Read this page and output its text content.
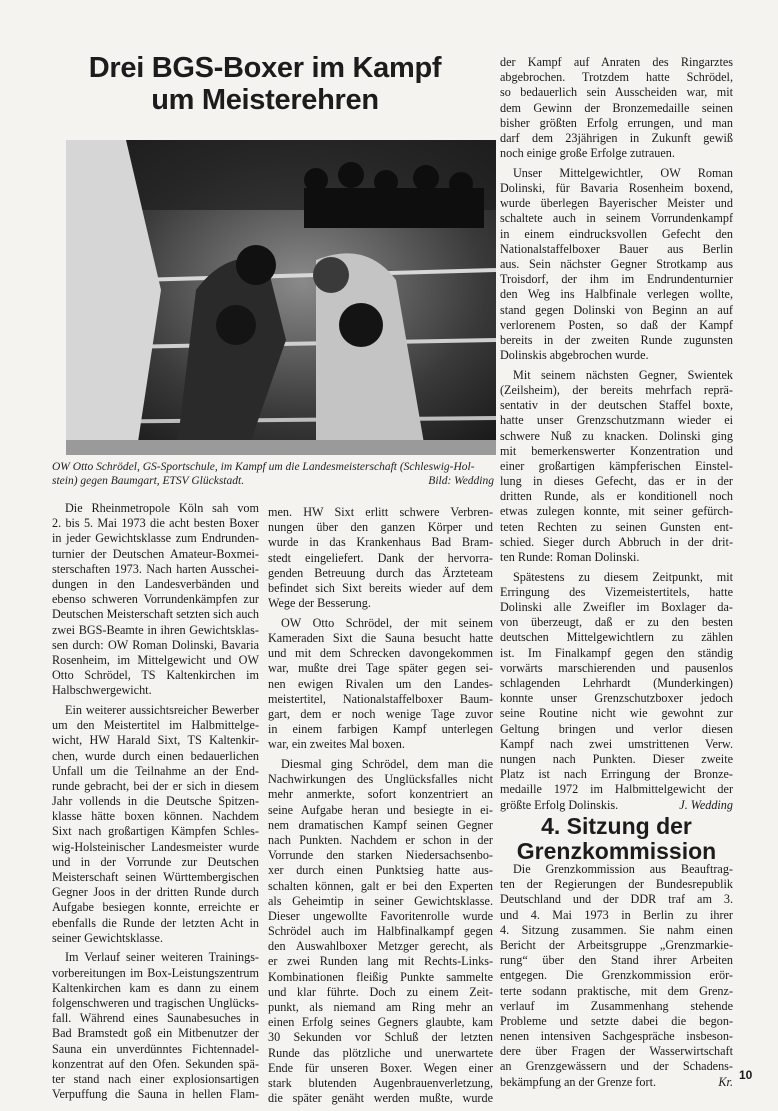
Drei BGS-Boxer im Kampf
um Meisterehren
OW Otto Schrödel, GS-Sportschule, im Kampf um die Landesmeisterschaft (Schleswig-Hol-
stein) gegen Baumgart, ETSV Glückstadt.	Bild: Wedding
Die Rheinmetropole Köln sah vom
2. bis 5. Mai 1973 die acht besten Boxer
in jeder Gewichtsklasse zum Endrunden-
turnier der Deutschen Amateur-Boxmei-
sterschaften 1973. Nach harten Ausschei-
dungen in den Landesverbänden und
ebenso schweren Vorrundenkämpfen zur
Deutschen Meisterschaft setzten sich auch
zwei BGS-Beamte in ihren Gewichtsklas-
sen durch: OW Roman Dolinski, Bavaria
Rosenheim, im Mittelgewicht und OW
Otto Schrödel, TS Kaltenkirchen im
Halbschwergewicht.
Ein weiterer aussichtsreicher Bewerber
um den Meistertitel im Halbmittelge-
wicht, HW Harald Sixt, TS Kaltenkir-
chen, wurde durch einen bedauerlichen
Unfall um die Teilnahme an der End-
runde gebracht, bei der er sich in diesem
Jahr vollends in die Deutsche Spitzen-
klasse hätte boxen können. Nachdem
Sixt nach großartigen Kämpfen Schles-
wig-Holsteinischer Landesmeister wurde
und in der Vorrunde zur Deutschen
Meisterschaft seinen Württembergischen
Gegner Joos in der dritten Runde durch
Aufgabe besiegen konnte, erreichte er
ebenfalls die Runde der letzten Acht in
seiner Gewichtsklasse.
Im Verlauf seiner weiteren Trainings-
vorbereitungen im Box-Leistungszentrum
Kaltenkirchen kam es dann zu einem
folgenschweren und tragischen Unglücks-
fall. Während eines Saunabesuches in
Bad Bramstedt goß ein Mitbenutzer der
Sauna ein unverdünntes Fichtennadel-
konzentrat auf den Ofen. Sekunden spä-
ter stand nach einer explosionsartigen
Verpuffung die Sauna in hellen Flam-
men. HW Sixt erlitt schwere Verbren-
nungen über den ganzen Körper und
wurde in das Krankenhaus Bad Bram-
stedt eingeliefert. Dank der hervorra-
genden Betreuung durch das Ärzteteam
befindet sich Sixt bereits wieder auf dem
Wege der Besserung.
OW Otto Schrödel, der mit seinem
Kameraden Sixt die Sauna besucht hatte
und mit dem Schrecken davongekommen
war, mußte drei Tage später gegen sei-
nen ewigen Rivalen um den Landes-
meistertitel, Nationalstaffelboxer Baum-
gart, dem er noch wenige Tage zuvor
in einem farbigen Kampf unterlegen
war, ein zweites Mal boxen.
Diesmal ging Schrödel, dem man die
Nachwirkungen des Unglücksfalles nicht
mehr anmerkte, sofort konzentriert an
seine Aufgabe heran und besiegte in ei-
nem dramatischen Kampf seinen Gegner
nach Punkten. Nachdem er schon in der
Vorrunde den starken Niedersachsenbo-
xer durch einen Punktsieg hatte aus-
schalten können, galt er bei den Experten
als Geheimtip in seiner Gewichtsklasse.
Dieser ungewollte Favoritenrolle wurde
Schrödel auch im Halbfinalkampf gegen
den Auswahlboxer Metzger gerecht, als
er zwei Runden lang mit Rechts-Links-
Kombinationen fleißig Punkte sammelte
und klar führte. Doch zu einem Zeit-
punkt, als niemand am Ring mehr an
einen Erfolg seines Gegners glaubte, kam
30 Sekunden vor Schluß der letzten
Runde das plötzliche und unerwartete
Ende für unseren Boxer. Wegen einer
stark blutenden Augenbrauenverletzung,
die später genäht werden mußte, wurde
der Kampf auf Anraten des Ringarztes
abgebrochen. Trotzdem hatte Schrödel,
so bedauerlich sein Ausscheiden war, mit
dem Gewinn der Bronzemedaille seinen
bisher größten Erfolg errungen, und man
darf dem 23jährigen in Zukunft gewiß
noch einige große Erfolge zutrauen.
Unser Mittelgewichtler, OW Roman
Dolinski, für Bavaria Rosenheim boxend,
wurde überlegen Bayerischer Meister und
schaltete auch in seinem Vorrundenkampf
in einem eindrucksvollen Gefecht den
Nationalstaffelboxer Bauer aus Berlin
aus. Sein nächster Gegner Strotkamp aus
Troisdorf, der ihm im Endrundenturnier
den Weg ins Halbfinale verlegen wollte,
stand gegen Dolinski von Beginn an auf
verlorenem Posten, so daß der Kampf
bereits in der zweiten Runde zugunsten
Dolinskis abgebrochen wurde.
Mit seinem nächsten Gegner, Swientek
(Zeilsheim), der bereits mehrfach reprä-
sentativ in der deutschen Staffel boxte,
hatte unser Grenzschutzmann wieder ei
schwere Nuß zu knacken. Dolinski ging
mit bemerkenswerter Konzentration und
einer großartigen kämpferischen Einstel-
lung in dieses Gefecht, das er in der
dritten Runde, als er konditionell noch
etwas zulegen konnte, mit seiner gefürch-
teten Rechten zu seinen Gunsten ent-
schied. Sieger durch Abbruch in der drit-
ten Runde: Roman Dolinski.
Spätestens zu diesem Zeitpunkt, mit
Erringung des Vizemeistertitels, hatte
Dolinski alle Zweifler im Boxlager da-
von überzeugt, daß er zu den besten
deutschen Mittelgewichtlern zu zählen
ist. Im Finalkampf gegen den ständig
vorwärts marschierenden und pausenlos
schlagenden Lehrhardt (Munderkingen)
konnte unser Grenzschutzboxer jedoch
seine Routine nicht wie gewohnt zur
Geltung bringen und verlor diesen
Kampf nach zwei umstrittenen Verw.
nungen nach Punkten. Dieser zweite
Platz ist nach Erringung der Bronze-
medaille 1972 im Halbmittelgewicht der
größte Erfolg Dolinskis.	J. Wedding
4. Sitzung der
Grenzkommission
Die Grenzkommission aus Beauftrag-
ten der Regierungen der Bundesrepublik
Deutschland und der DDR traf am 3.
und 4. Mai 1973 in Berlin zu ihrer
4. Sitzung zusammen. Sie nahm einen
Bericht der Arbeitsgruppe „Grenzmarkie-
rung“ über den Stand ihrer Arbeiten
entgegen. Die Grenzkommission erör-
terte sodann praktische, mit dem Grenz-
verlauf im Zusammenhang stehende
Probleme und setzte dabei die begon-
nenen intensiven Sachgespräche insbeson-
dere über Fragen der Wasserwirtschaft
an Grenzgewässern und der Schadens-
bekämpfung an der Grenze fort.	Kr. 10
